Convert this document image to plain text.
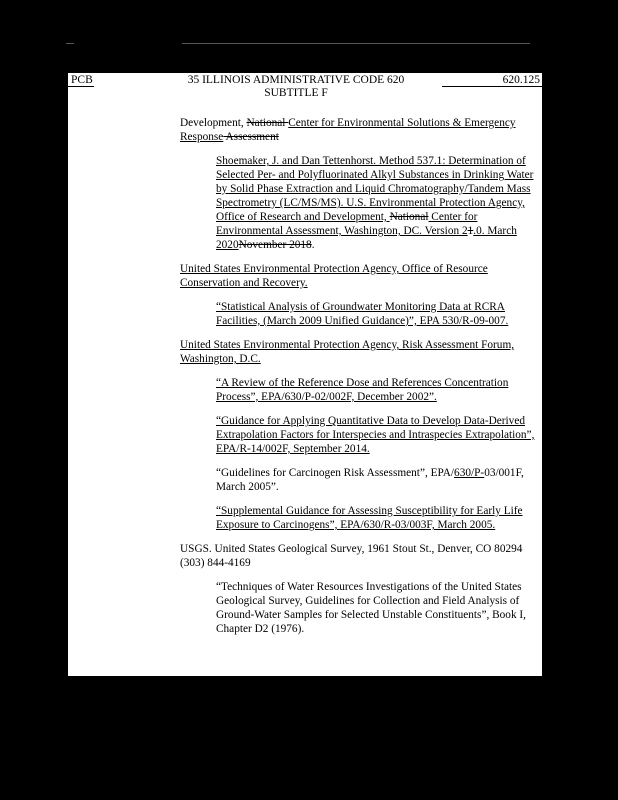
PCB	35 ILLINOIS ADMINISTRATIVE CODE 620
SUBTITLE F
620.125
Development, National Center for Environmental Solutions & Emergency Response Assessment
Shoemaker, J. and Dan Tettenhorst. Method 537.1: Determination of Selected Per- and Polyfluorinated Alkyl Substances in Drinking Water by Solid Phase Extraction and Liquid Chromatography/Tandem Mass Spectrometry (LC/MS/MS). U.S. Environmental Protection Agency, Office of Research and Development, National Center for Environmental Assessment, Washington, DC. Version 21.0. March 2020November 2018.
United States Environmental Protection Agency, Office of Resource Conservation and Recovery.
“Statistical Analysis of Groundwater Monitoring Data at RCRA Facilities, (March 2009 Unified Guidance)”, EPA 530/R-09-007.
United States Environmental Protection Agency, Risk Assessment Forum, Washington, D.C.
“A Review of the Reference Dose and References Concentration Process”, EPA/630/P-02/002F, December 2002”.
“Guidance for Applying Quantitative Data to Develop Data-Derived Extrapolation Factors for Interspecies and Intraspecies Extrapolation”, EPA/R-14/002F, September 2014.
“Guidelines for Carcinogen Risk Assessment”, EPA/630/P-03/001F, March 2005”.
“Supplemental Guidance for Assessing Susceptibility for Early Life Exposure to Carcinogens”, EPA/630/R-03/003F, March 2005.
USGS. United States Geological Survey, 1961 Stout St., Denver, CO 80294 (303) 844-4169
“Techniques of Water Resources Investigations of the United States Geological Survey, Guidelines for Collection and Field Analysis of Ground-Water Samples for Selected Unstable Constituents”, Book I, Chapter D2 (1976).
